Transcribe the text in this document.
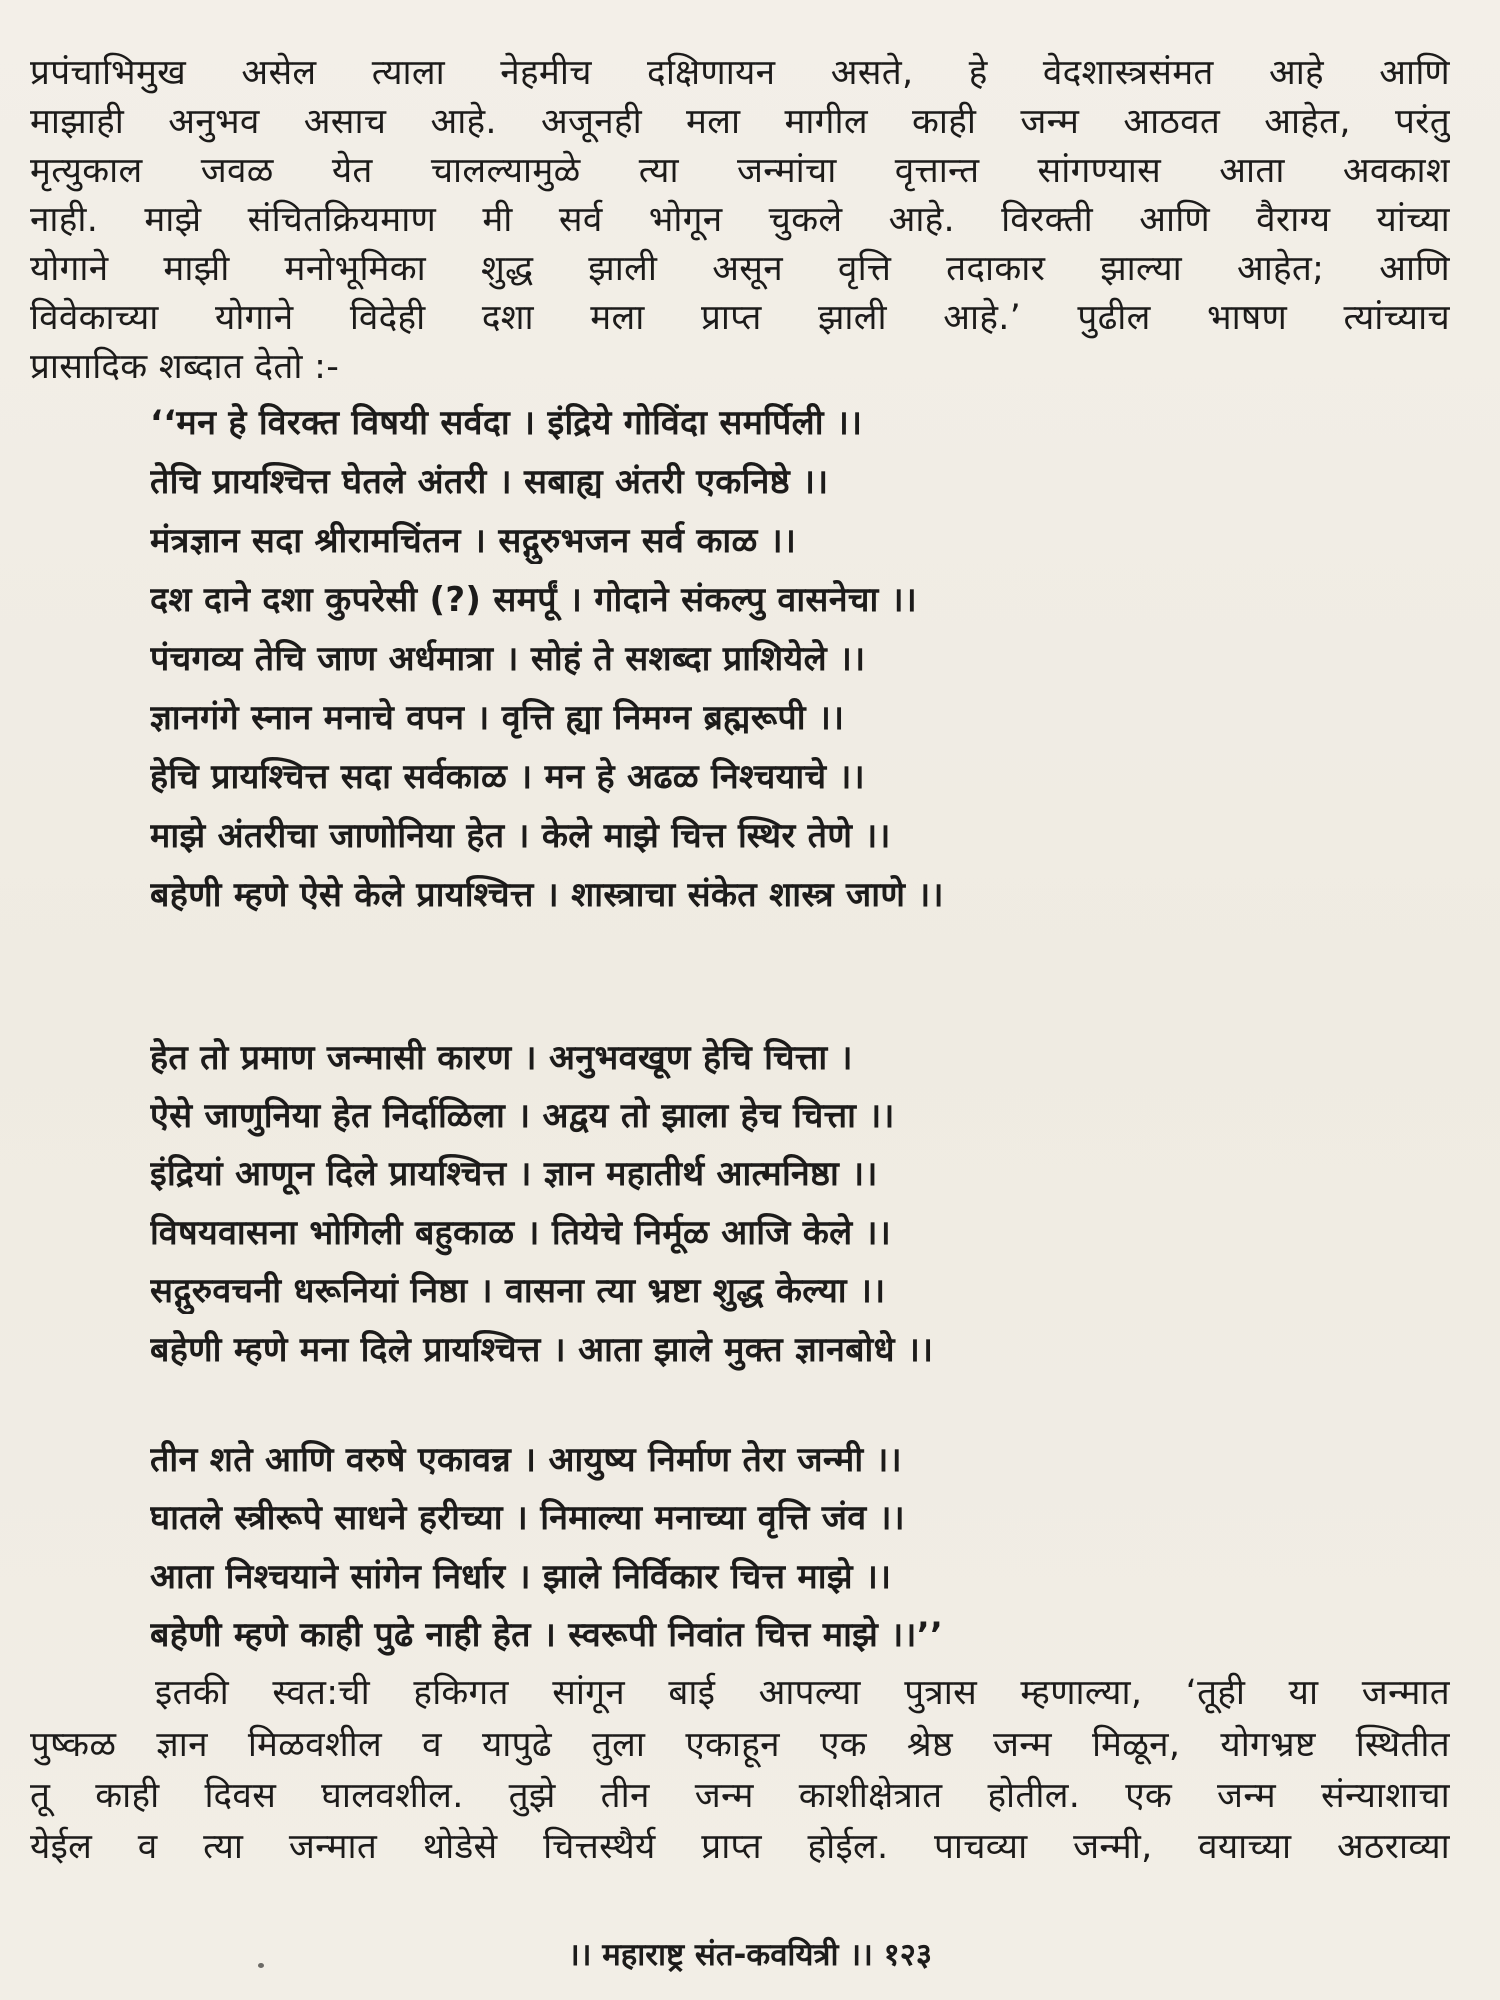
प्रपंचाभिमुख असेल त्याला नेहमीच दक्षिणायन असते, हे वेदशास्त्रसंमत आहे आणि
माझाही अनुभव असाच आहे. अजूनही मला मागील काही जन्म आठवत आहेत, परंतु
मृत्युकाल जवळ येत चालल्यामुळे त्या जन्मांचा वृत्तान्त सांगण्यास आता अवकाश
नाही. माझे संचितक्रियमाण मी सर्व भोगून चुकले आहे. विरक्ती आणि वैराग्य यांच्या
योगाने माझी मनोभूमिका शुद्ध झाली असून वृत्ति तदाकार झाल्या आहेत; आणि
विवेकाच्या योगाने विदेही दशा मला प्राप्त झाली आहे.’ पुढील भाषण त्यांच्याच
प्रासादिक शब्दात देतो :-
‘‘मन हे विरक्त विषयी सर्वदा । इंद्रिये गोविंदा समर्पिली ।।
तेचि प्रायश्चित्त घेतले अंतरी । सबाह्य अंतरी एकनिष्ठे ।।
मंत्रज्ञान सदा श्रीरामचिंतन । सद्गुरुभजन सर्व काळ ।।
दश दाने दशा कुपरेसी (?) समर्पूं । गोदाने संकल्पु वासनेचा ।।
पंचगव्य तेचि जाण अर्धमात्रा । सोहं ते सशब्दा प्राशियेले ।।
ज्ञानगंगे स्नान मनाचे वपन । वृत्ति ह्या निमग्न ब्रह्मरूपी ।।
हेचि प्रायश्चित्त सदा सर्वकाळ । मन हे अढळ निश्चयाचे ।।
माझे अंतरीचा जाणोनिया हेत । केले माझे चित्त स्थिर तेणे ।।
बहेणी म्हणे ऐसे केले प्रायश्चित्त । शास्त्राचा संकेत शास्त्र जाणे ।।
हेत तो प्रमाण जन्मासी कारण । अनुभवखूण हेचि चित्ता ।
ऐसे जाणुनिया हेत निर्दाळिला । अद्वय तो झाला हेच चित्ता ।।
इंद्रियां आणून दिले प्रायश्चित्त । ज्ञान महातीर्थ आत्मनिष्ठा ।।
विषयवासना भोगिली बहुकाळ । तियेचे निर्मूळ आजि केले ।।
सद्गुरुवचनी धरूनियां निष्ठा । वासना त्या भ्रष्टा शुद्ध केल्या ।।
बहेणी म्हणे मना दिले प्रायश्चित्त । आता झाले मुक्त ज्ञानबोधे ।।
तीन शते आणि वरुषे एकावन्न । आयुष्य निर्माण तेरा जन्मी ।।
घातले स्त्रीरूपे साधने हरीच्या । निमाल्या मनाच्या वृत्ति जंव ।।
आता निश्चयाने सांगेन निर्धार । झाले निर्विकार चित्त माझे ।।
बहेणी म्हणे काही पुढे नाही हेत । स्वरूपी निवांत चित्त माझे ।।’’
इतकी स्वत:ची हकिगत सांगून बाई आपल्या पुत्रास म्हणाल्या, ‘तूही या जन्मात
पुष्कळ ज्ञान मिळवशील व यापुढे तुला एकाहून एक श्रेष्ठ जन्म मिळून, योगभ्रष्ट स्थितीत
तू काही दिवस घालवशील. तुझे तीन जन्म काशीक्षेत्रात होतील. एक जन्म संन्याशाचा
येईल व त्या जन्मात थोडेसे चित्तस्थैर्य प्राप्त होईल. पाचव्या जन्मी, वयाच्या अठराव्या
।। महाराष्ट्र संत-कवयित्री ।। १२३
